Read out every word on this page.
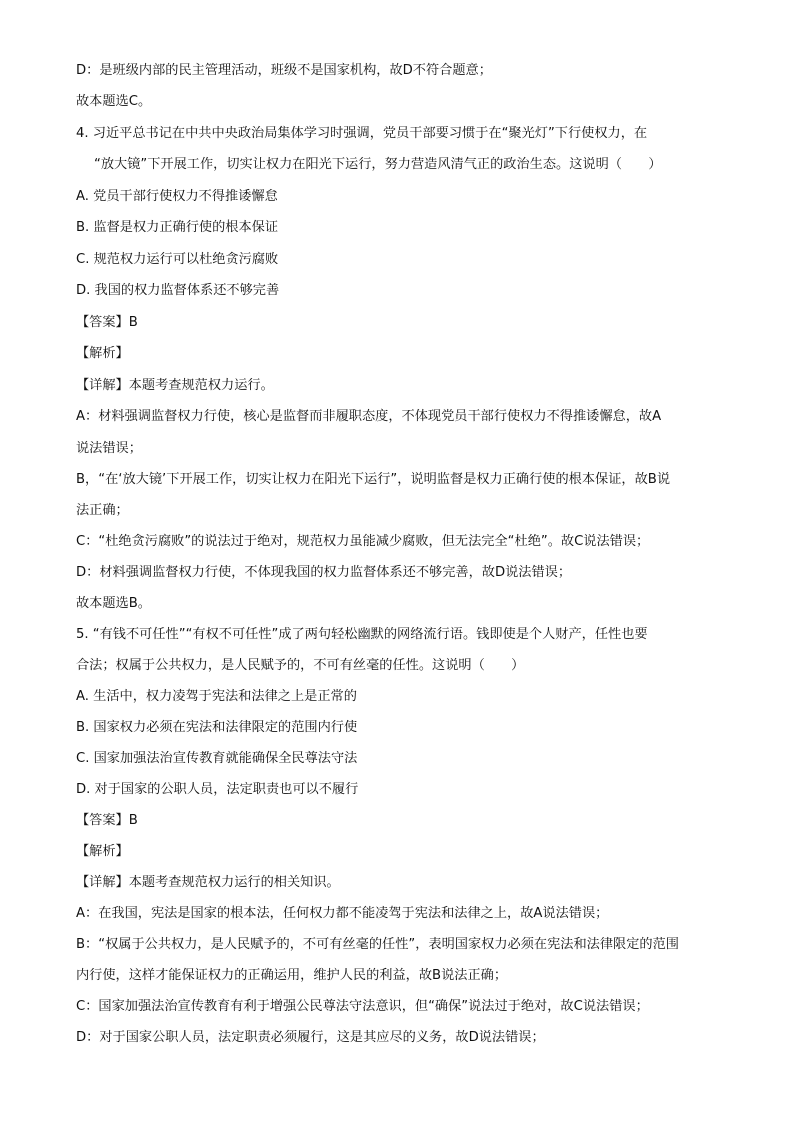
D：是班级内部的民主管理活动，班级不是国家机构，故D不符合题意；
故本题选C。
4. 习近平总书记在中共中央政治局集体学习时强调，党员干部要习惯于在“聚光灯”下行使权力，在
“放大镜”下开展工作，切实让权力在阳光下运行，努力营造风清气正的政治生态。这说明（　　）
A. 党员干部行使权力不得推诿懈怠
B. 监督是权力正确行使的根本保证
C. 规范权力运行可以杜绝贪污腐败
D. 我国的权力监督体系还不够完善
【答案】B
【解析】
【详解】本题考查规范权力运行。
A：材料强调监督权力行使，核心是监督而非履职态度，不体现党员干部行使权力不得推诿懈怠，故A
说法错误；
B，“在‘放大镜’下开展工作，切实让权力在阳光下运行”，说明监督是权力正确行使的根本保证，故B说
法正确；
C：“杜绝贪污腐败”的说法过于绝对，规范权力虽能减少腐败，但无法完全“杜绝”。故C说法错误；
D：材料强调监督权力行使，不体现我国的权力监督体系还不够完善，故D说法错误；
故本题选B。
5. “有钱不可任性”“有权不可任性”成了两句轻松幽默的网络流行语。钱即使是个人财产，任性也要
合法；权属于公共权力，是人民赋予的，不可有丝毫的任性。这说明（　　）
A. 生活中，权力凌驾于宪法和法律之上是正常的
B. 国家权力必须在宪法和法律限定的范围内行使
C. 国家加强法治宣传教育就能确保全民尊法守法
D. 对于国家的公职人员，法定职责也可以不履行
【答案】B
【解析】
【详解】本题考查规范权力运行的相关知识。
A：在我国，宪法是国家的根本法，任何权力都不能凌驾于宪法和法律之上，故A说法错误；
B：“权属于公共权力，是人民赋予的，不可有丝毫的任性”，表明国家权力必须在宪法和法律限定的范围
内行使，这样才能保证权力的正确运用，维护人民的利益，故B说法正确；
C：国家加强法治宣传教育有利于增强公民尊法守法意识，但“确保”说法过于绝对，故C说法错误；
D：对于国家公职人员，法定职责必须履行，这是其应尽的义务，故D说法错误；
